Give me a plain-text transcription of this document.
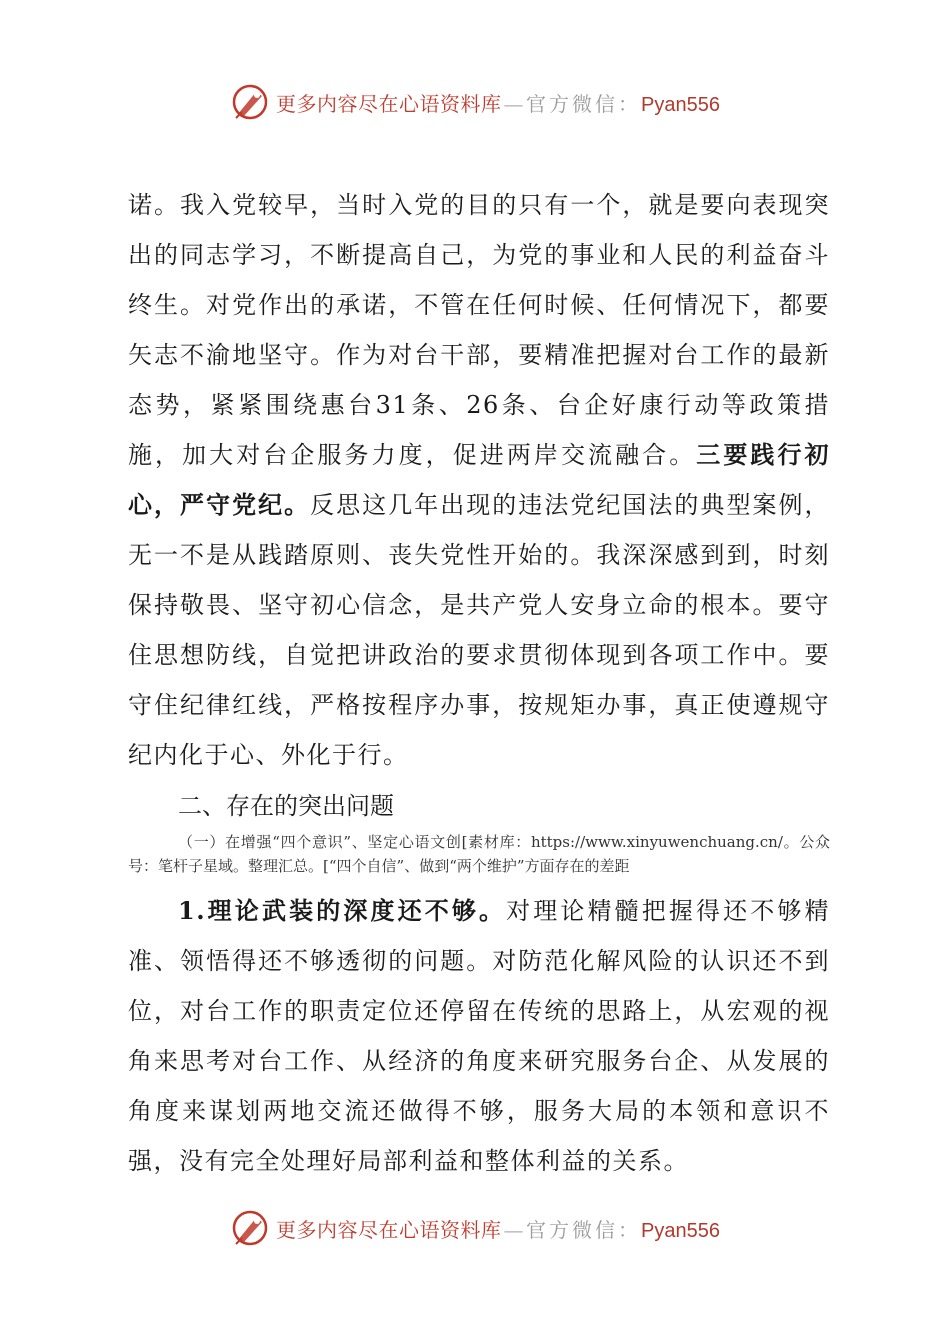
更多内容尽在心语资料库 — 官方微信：Pyan556

诺。我入党较早，当时入党的目的只有一个，就是要向表现突出的同志学习，不断提高自己，为党的事业和人民的利益奋斗终生。对党作出的承诺，不管在任何时候、任何情况下，都要矢志不渝地坚守。作为对台干部，要精准把握对台工作的最新态势，紧紧围绕惠台31条、26条、台企好康行动等政策措施，加大对台企服务力度，促进两岸交流融合。三要践行初心，严守党纪。反思这几年出现的违法党纪国法的典型案例，无一不是从践踏原则、丧失党性开始的。我深深感到到，时刻保持敬畏、坚守初心信念，是共产党人安身立命的根本。要守住思想防线，自觉把讲政治的要求贯彻体现到各项工作中。要守住纪律红线，严格按程序办事，按规矩办事，真正使遵规守纪内化于心、外化于行。

二、存在的突出问题

（一）在增强“四个意识”、坚定心语文创[素材库：https://www.xinyuwenchuang.cn/。公众号：笔杆子星域。整理汇总。[“四个自信”、做到“两个维护”方面存在的差距

1.理论武装的深度还不够。对理论精髓把握得还不够精准、领悟得还不够透彻的问题。对防范化解风险的认识还不到位，对台工作的职责定位还停留在传统的思路上，从宏观的视角来思考对台工作、从经济的角度来研究服务台企、从发展的角度来谋划两地交流还做得不够，服务大局的本领和意识不强，没有完全处理好局部利益和整体利益的关系。

更多内容尽在心语资料库 — 官方微信：Pyan556
